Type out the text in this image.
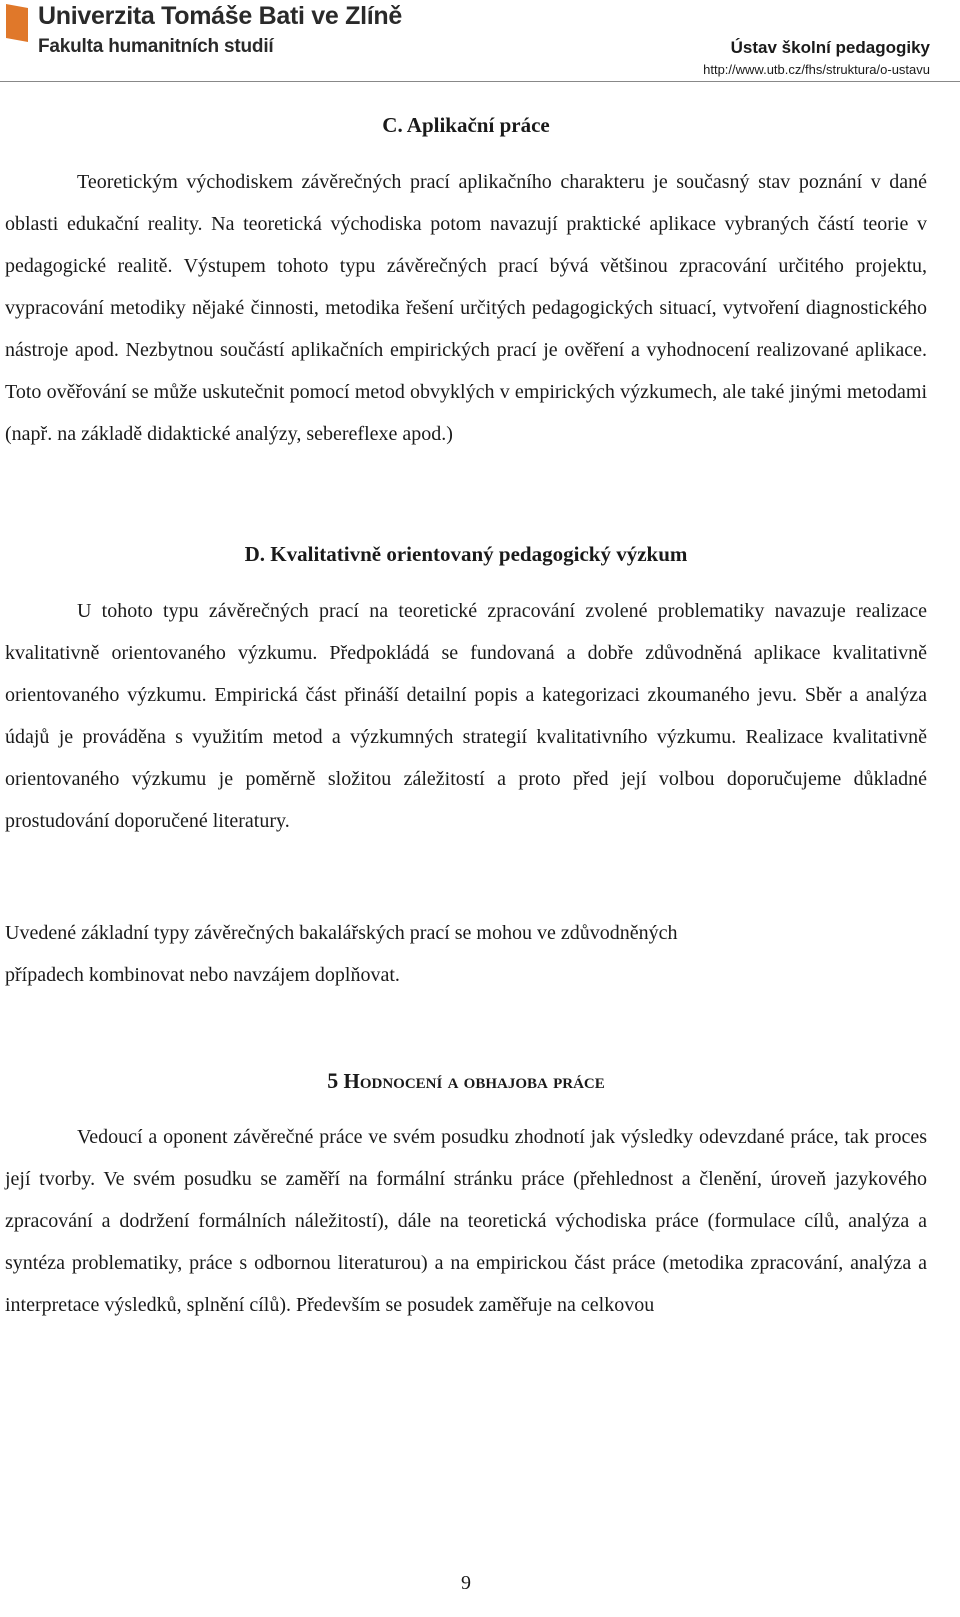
Univerzita Tomáše Bati ve Zlíně
Fakulta humanitních studií	Ústav školní pedagogiky
http://www.utb.cz/fhs/struktura/o-ustavu
C. Aplikační práce

Teoretickým východiskem závěrečných prací aplikačního charakteru je současný stav poznání v dané oblasti edukační reality. Na teoretická východiska potom navazují praktické aplikace vybraných částí teorie v pedagogické realitě. Výstupem tohoto typu závěrečných prací bývá většinou zpracování určitého projektu, vypracování metodiky nějaké činnosti, metodika řešení určitých pedagogických situací, vytvoření diagnostického nástroje apod. Nezbytnou součástí aplikačních empirických prací je ověření a vyhodnocení realizované aplikace. Toto ověřování se může uskutečnit pomocí metod obvyklých v empirických výzkumech, ale také jinými metodami (např. na základě didaktické analýzy, sebereflexe apod.)

D. Kvalitativně orientovaný pedagogický výzkum

U tohoto typu závěrečných prací na teoretické zpracování zvolené problematiky navazuje realizace kvalitativně orientovaného výzkumu. Předpokládá se fundovaná a dobře zdůvodněná aplikace kvalitativně orientovaného výzkumu. Empirická část přináší detailní popis a kategorizaci zkoumaného jevu. Sběr a analýza údajů je prováděna s využitím metod a výzkumných strategií kvalitativního výzkumu. Realizace kvalitativně orientovaného výzkumu je poměrně složitou záležitostí a proto před její volbou doporučujeme důkladné prostudování doporučené literatury.

Uvedené základní typy závěrečných bakalářských prací se mohou ve zdůvodněných
případech kombinovat nebo navzájem doplňovat.

5 Hodnocení a obhajoba práce

Vedoucí a oponent závěrečné práce ve svém posudku zhodnotí jak výsledky odevzdané práce, tak proces její tvorby. Ve svém posudku se zaměří na formální stránku práce (přehlednost a členění, úroveň jazykového zpracování a dodržení formálních náležitostí), dále na teoretická východiska práce (formulace cílů, analýza a syntéza problematiky, práce s odbornou literaturou) a na empirickou část práce (metodika zpracování, analýza a interpretace výsledků, splnění cílů). Především se posudek zaměřuje na celkovou

9
